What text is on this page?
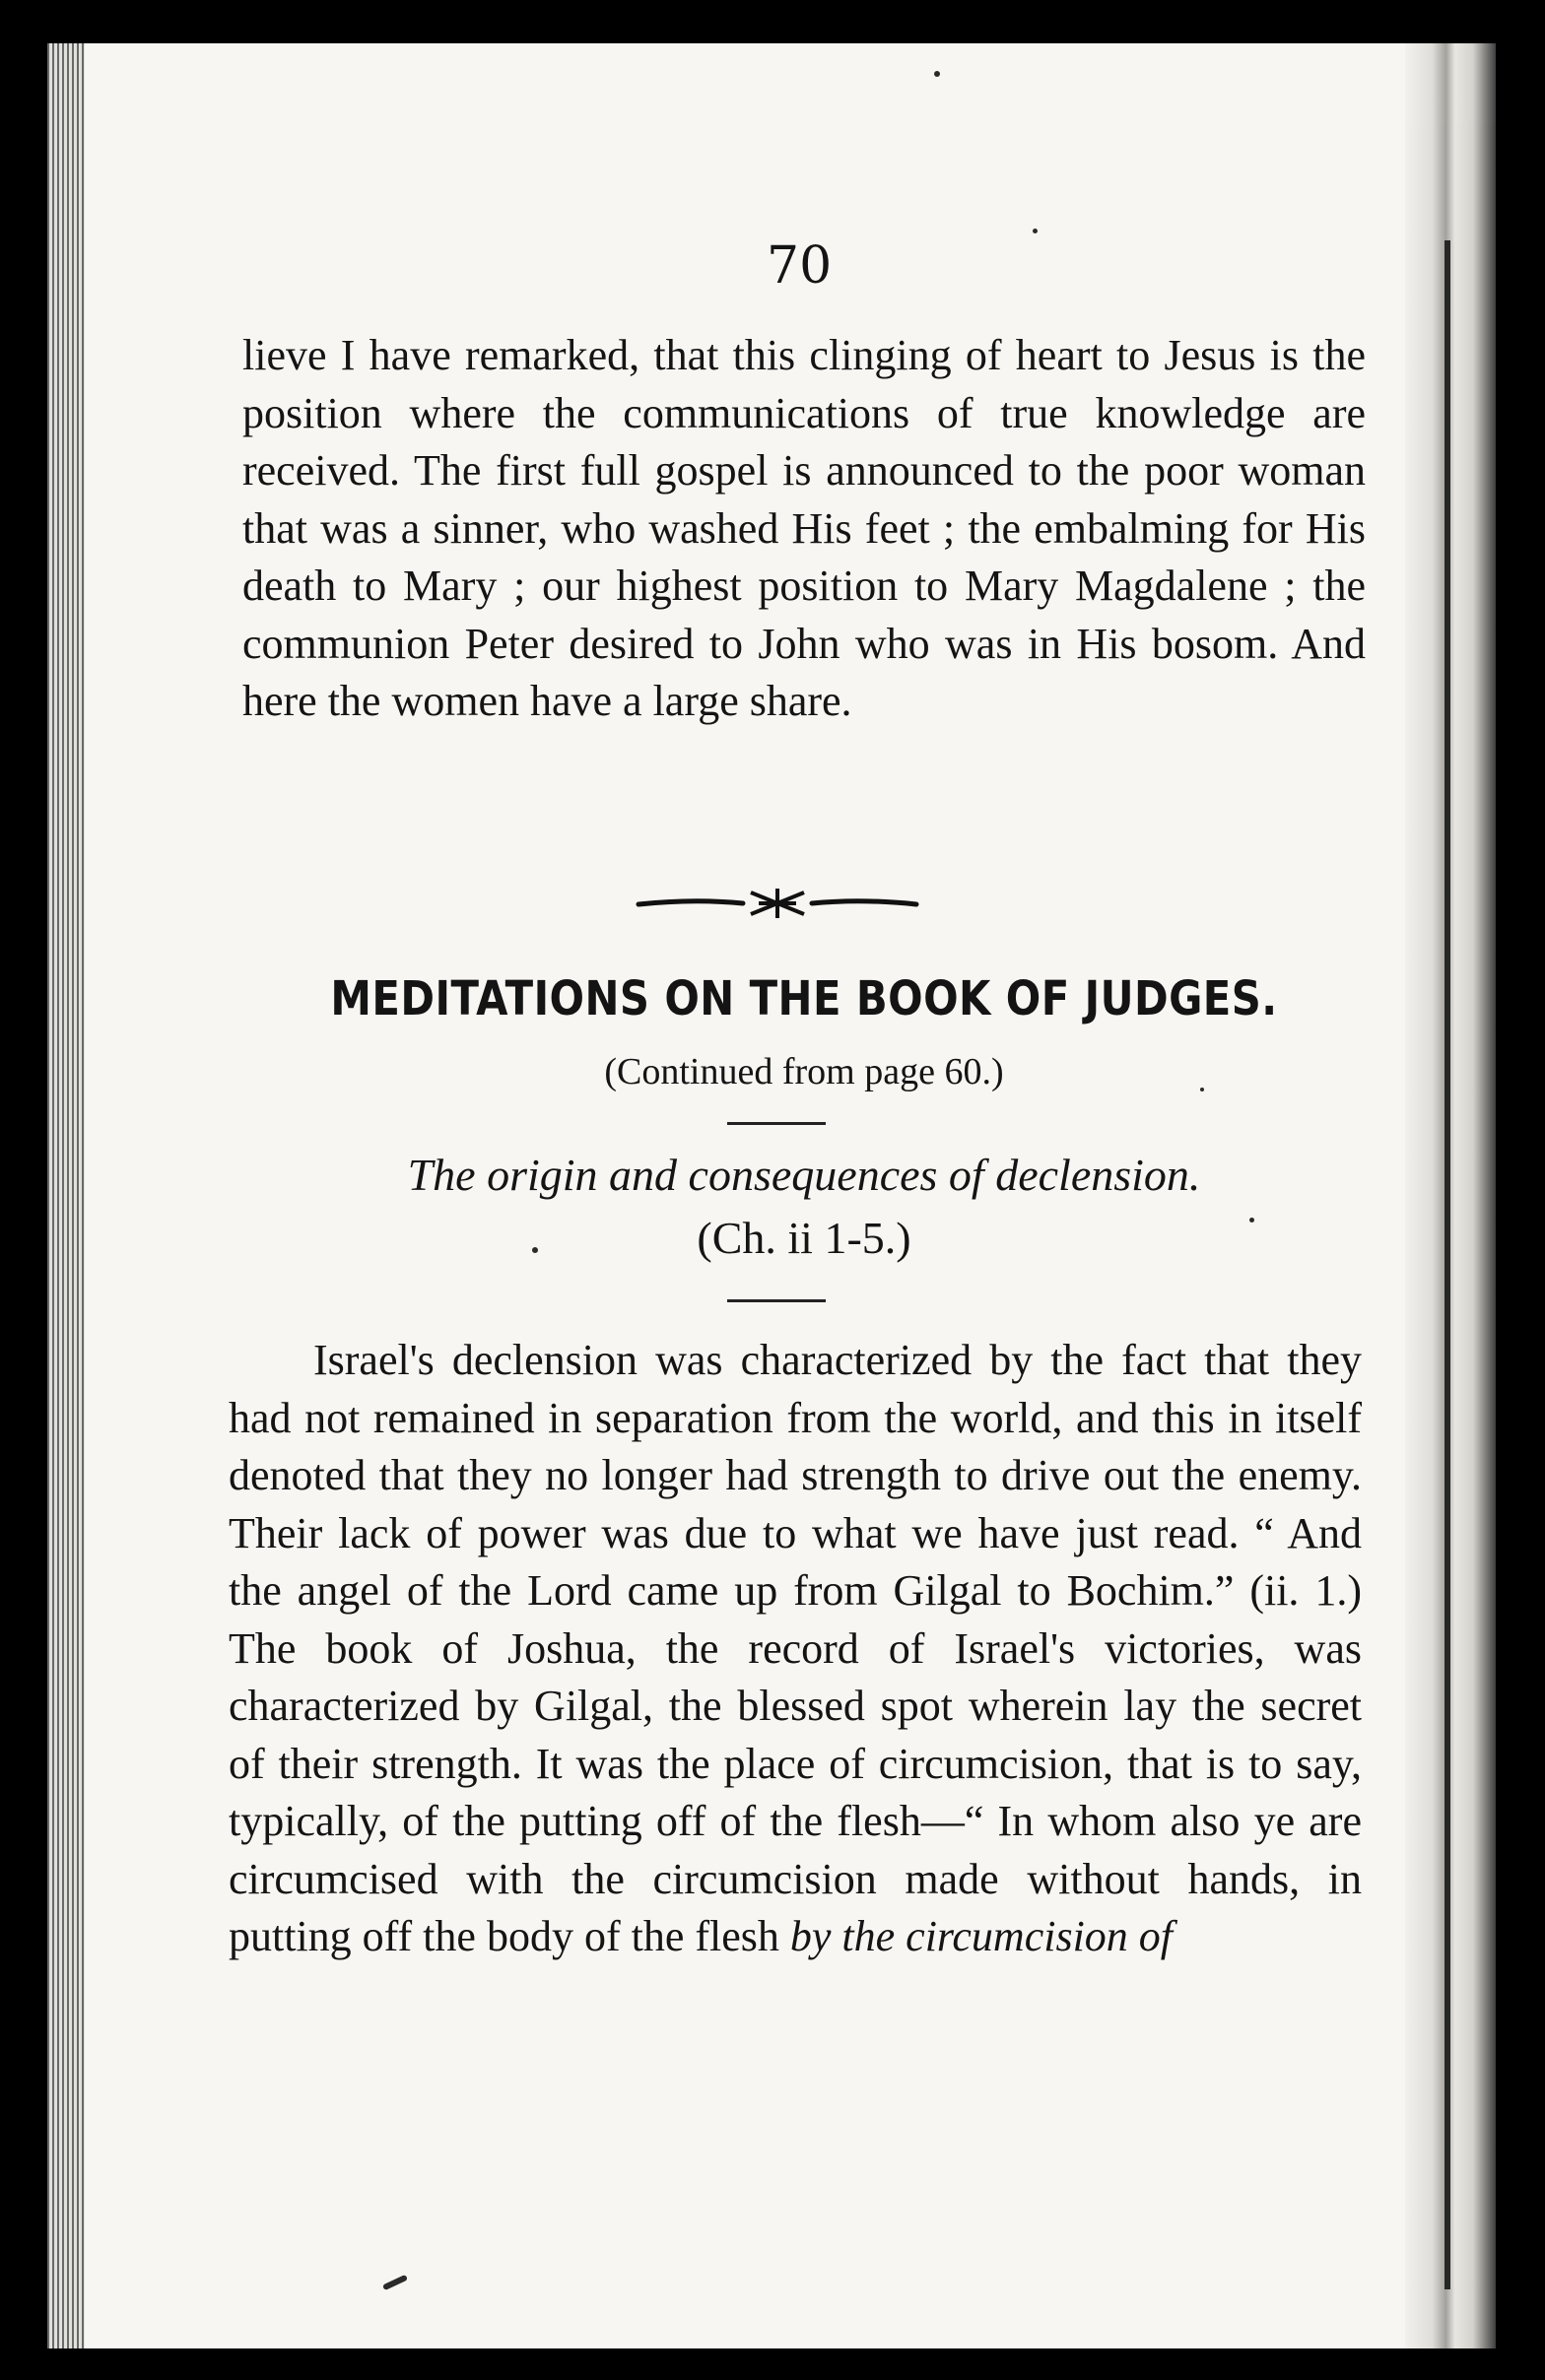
70

lieve I have remarked, that this clinging of heart to Jesus is the position where the communications of true knowledge are received. The first full gospel is announced to the poor woman that was a sinner, who washed His feet ; the embalming for His death to Mary ; our highest position to Mary Magdalene ; the communion Peter desired to John who was in His bosom. And here the women have a large share.

MEDITATIONS ON THE BOOK OF JUDGES.
(Continued from page 60.)
The origin and consequences of declension.
(Ch. ii 1-5.)

Israel's declension was characterized by the fact that they had not remained in separation from the world, and this in itself denoted that they no longer had strength to drive out the enemy. Their lack of power was due to what we have just read. “ And the angel of the Lord came up from Gilgal to Bochim.” (ii. 1.) The book of Joshua, the record of Israel's victories, was characterized by Gilgal, the blessed spot wherein lay the secret of their strength. It was the place of circumcision, that is to say, typically, of the putting off of the flesh—“ In whom also ye are circumcised with the circumcision made without hands, in putting off the body of the flesh by the circumcision of
